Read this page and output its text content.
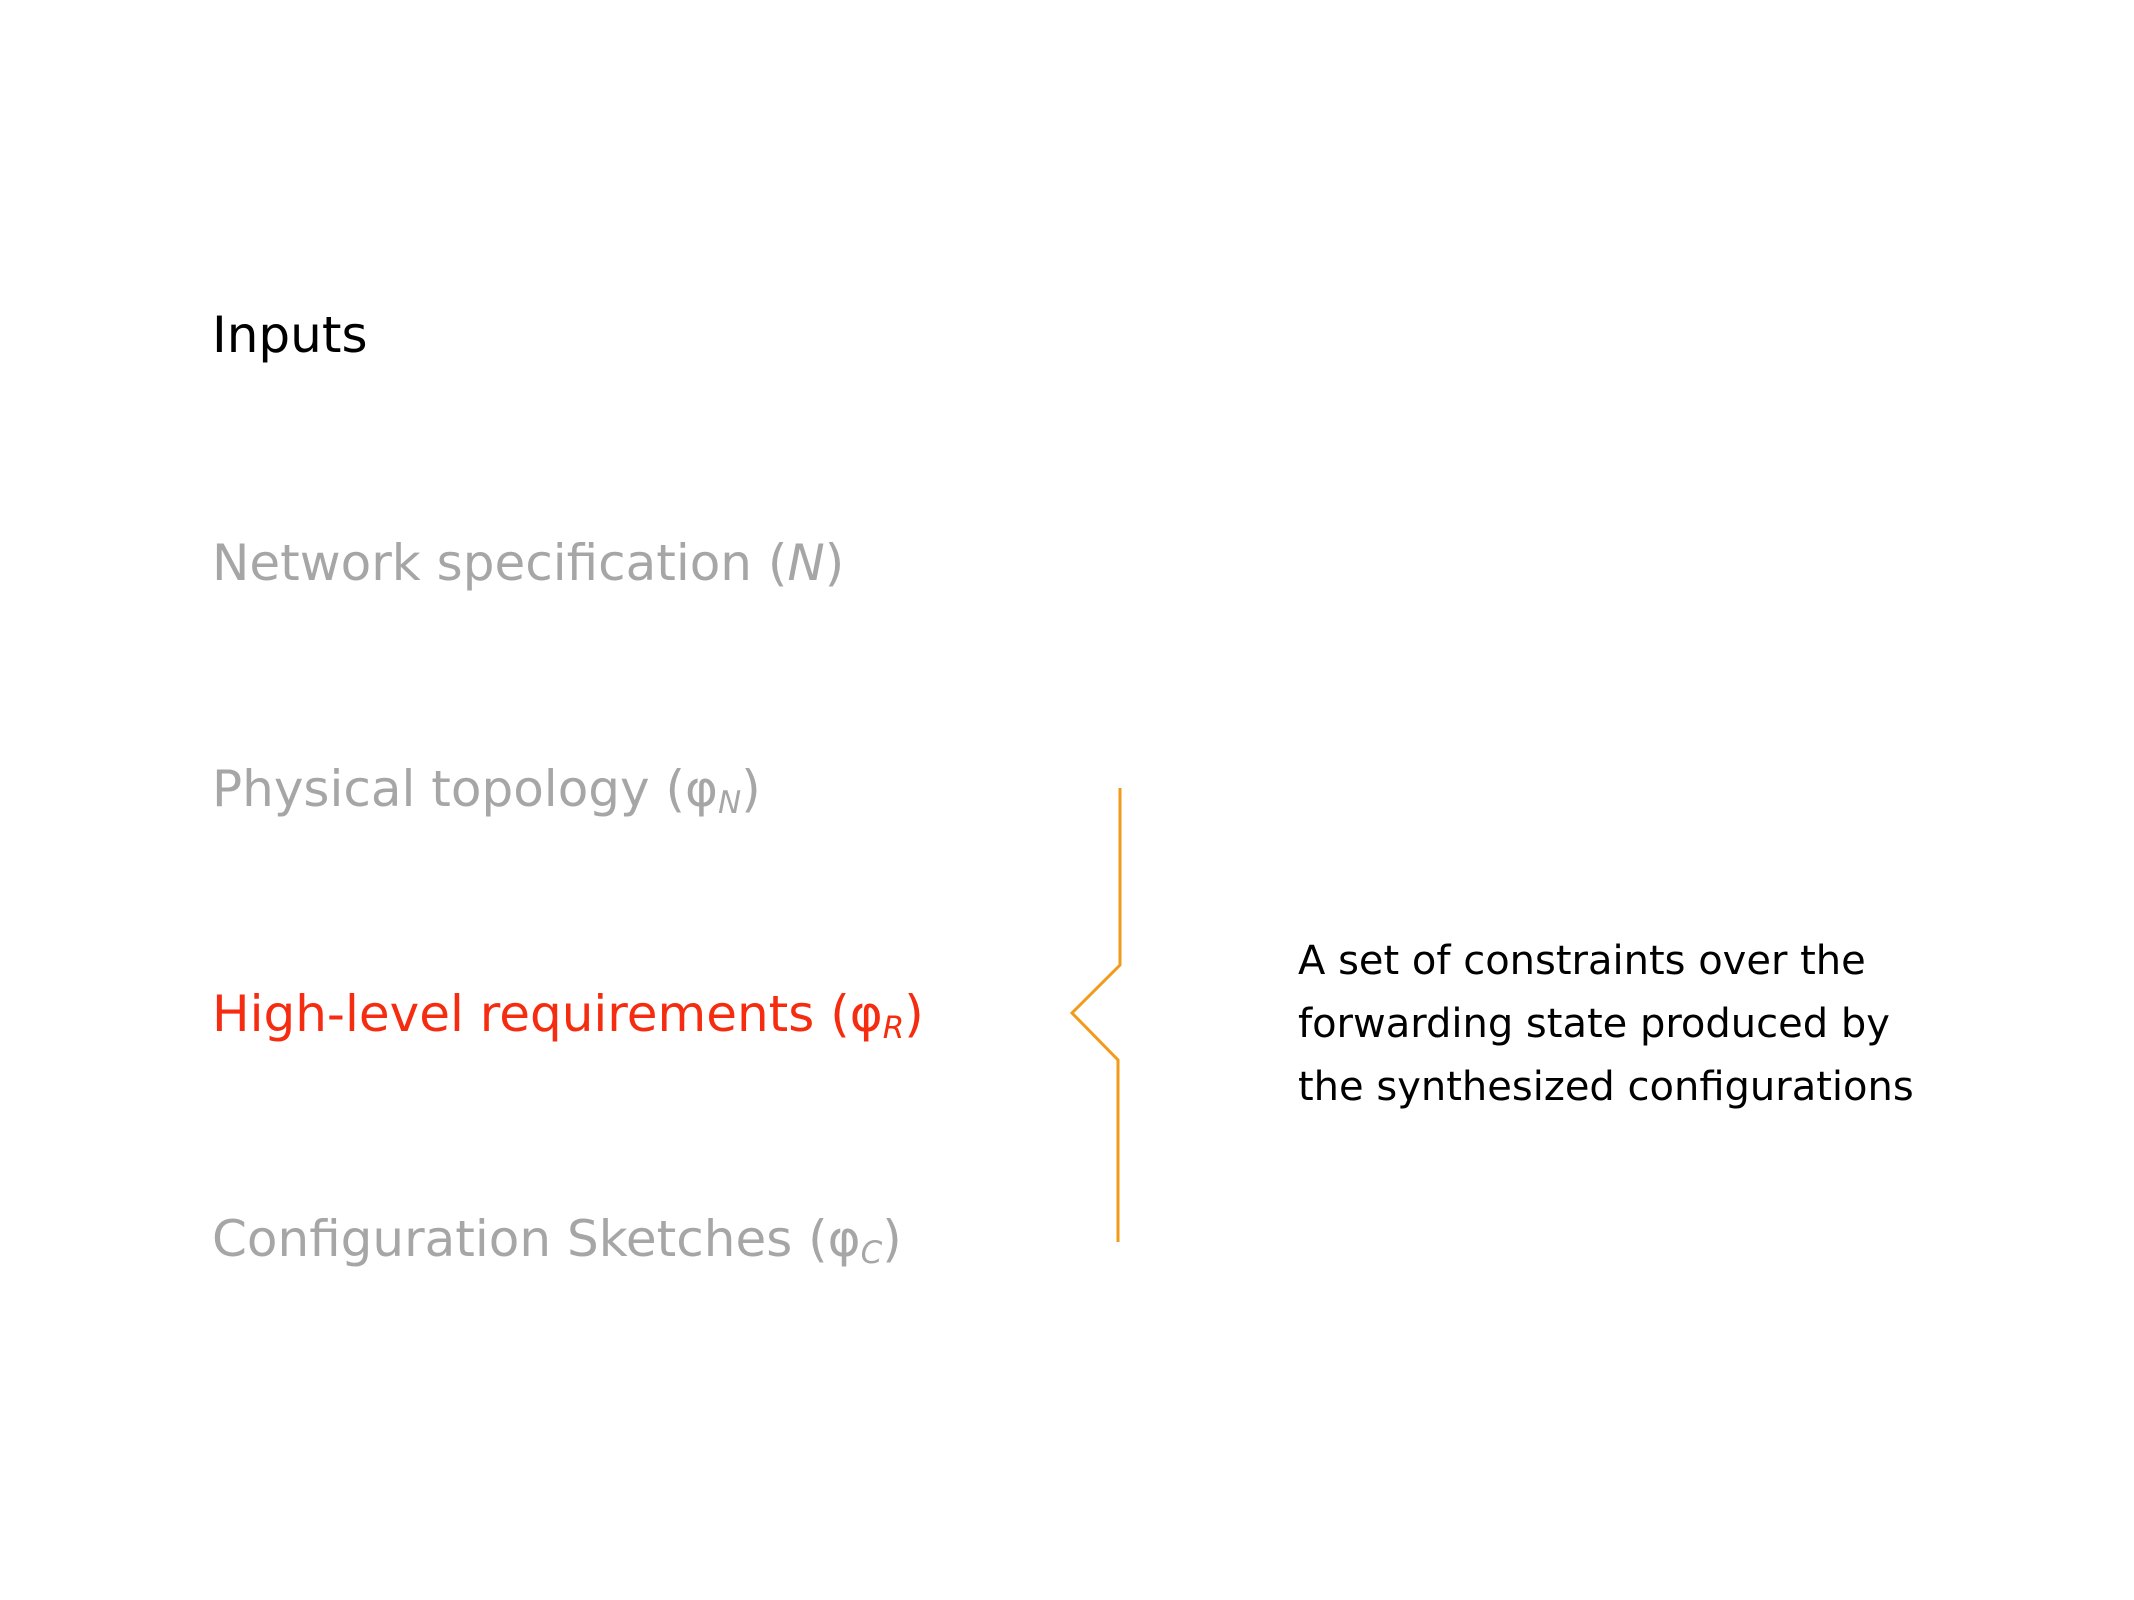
Inputs
Network specification (N)
Physical topology $(\varphi_N)$
High-level requirements $(\varphi_R)$
Configuration Sketches $(\varphi_C)$
A set of constraints over the
forwarding state produced by
the synthesized configurations
